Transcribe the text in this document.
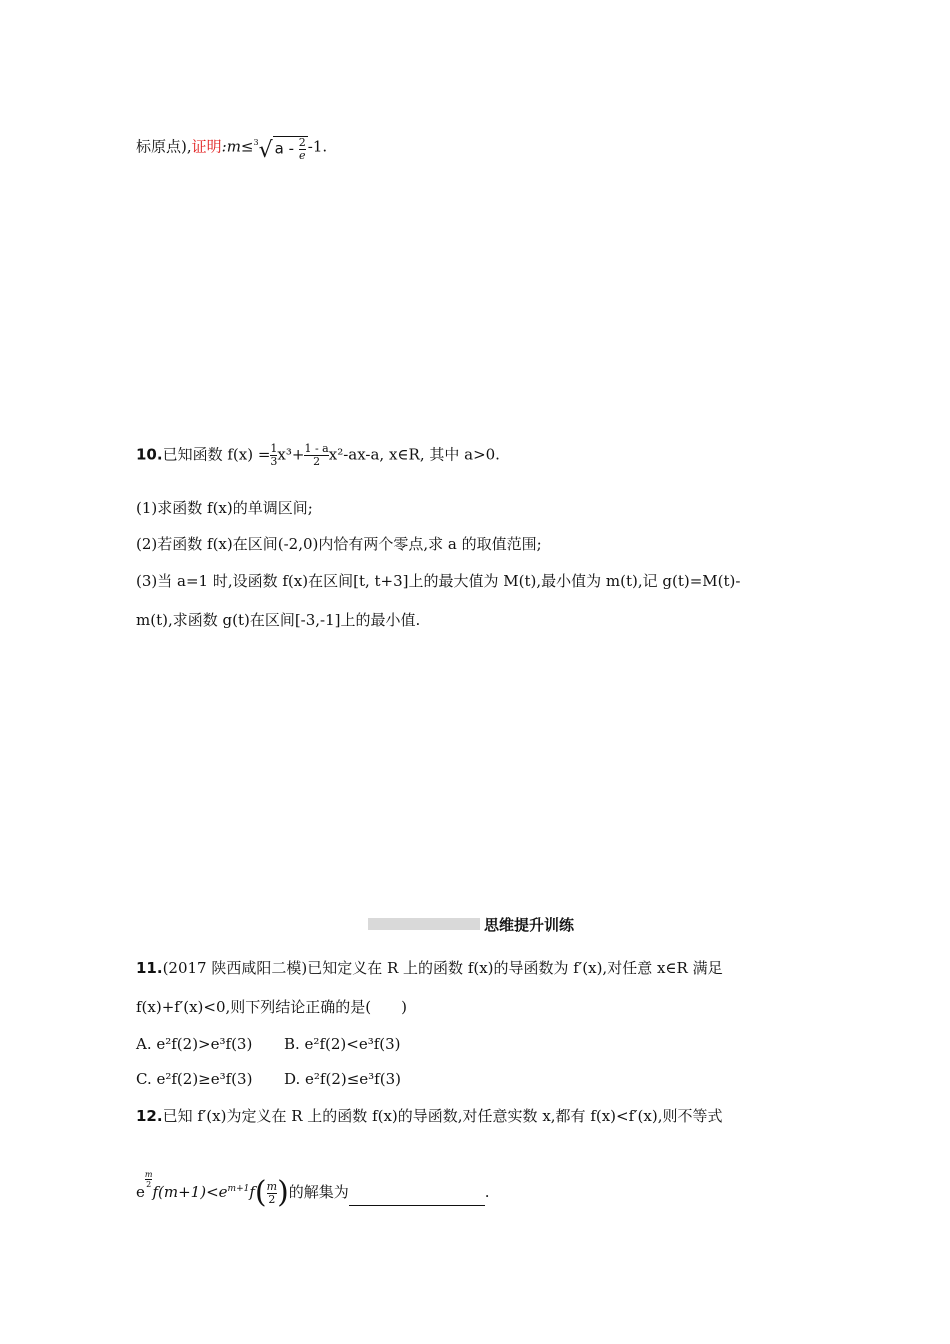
标原点),证明:m≤$^3$√ a - $\frac{2}{e} -1$.
10.已知函数 $f(x) = \frac{1}{3} x^3+ \frac{1 - a}{2} x^2-ax-a$, x∈R, 其中 a>0.
(1)求函数 f(x)的单调区间;
(2)若函数 f(x)在区间(-2,0)内恰有两个零点,求 a 的取值范围;
(3)当 a=1 时,设函数 f(x)在区间[t, t+3]上的最大值为 M(t),最小值为 m(t),记 g(t)=M(t)-
m(t),求函数 g(t)在区间[-3,-1]上的最小值.
思维提升训练
11.(2017 陕西咸阳二模)已知定义在 R 上的函数 f(x)的导函数为 f′(x),对任意 x∈R 满足
f(x)+f′(x)<0,则下列结论正确的是(　　)
A. e²f(2)>e³f(3) B. e²f(2)<e³f(3)
C. e²f(2)≥e³f(3) D. e²f(2)≤e³f(3)
12.已知 f′(x)为定义在 R 上的函数 f(x)的导函数,对任意实数 x,都有 f(x)<f′(x),则不等式
e
$\frac{m}{2}$
$f(m+1)<e^{m+1}f( \frac{m}{2}$ )的解集为	.
